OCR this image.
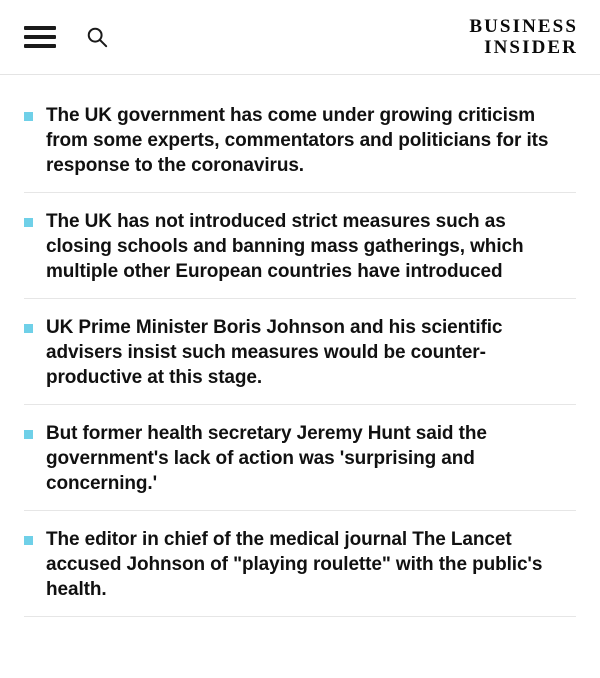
BUSINESS
INSIDER
The UK government has come under growing criticism from some experts, commentators and politicians for its response to the coronavirus.
The UK has not introduced strict measures such as closing schools and banning mass gatherings, which multiple other European countries have introduced
UK Prime Minister Boris Johnson and his scientific advisers insist such measures would be counter-productive at this stage.
But former health secretary Jeremy Hunt said the government's lack of action was 'surprising and concerning.'
The editor in chief of the medical journal The Lancet accused Johnson of "playing roulette" with the public's health.
